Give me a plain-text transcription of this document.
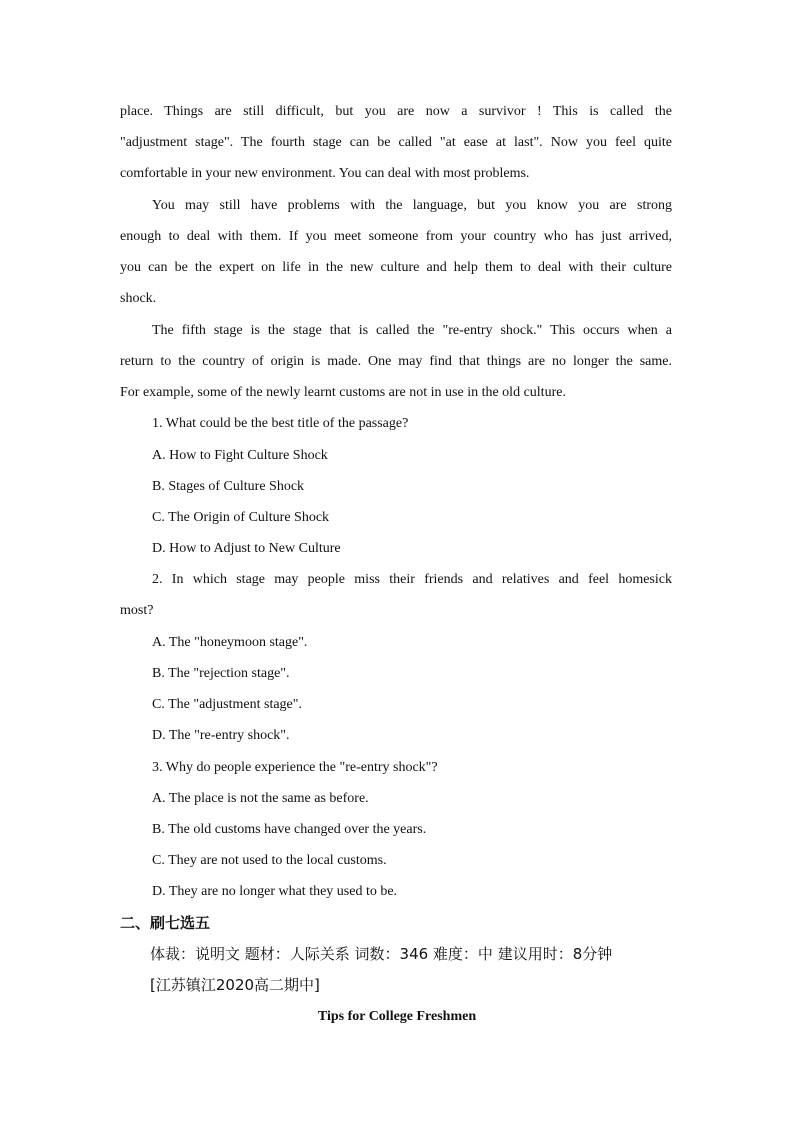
place. Things are still difficult, but you are now a survivor ! This is called the
"adjustment stage". The fourth stage can be called "at ease at last". Now you feel quite
comfortable in your new environment. You can deal with most problems.
You may still have problems with the language, but you know you are strong
enough to deal with them. If you meet someone from your country who has just arrived,
you can be the expert on life in the new culture and help them to deal with their culture
shock.
The fifth stage is the stage that is called the "re-entry shock." This occurs when a
return to the country of origin is made. One may find that things are no longer the same.
For example, some of the newly learnt customs are not in use in the old culture.
1. What could be the best title of the passage?
A. How to Fight Culture Shock
B. Stages of Culture Shock
C. The Origin of Culture Shock
D. How to Adjust to New Culture
2. In which stage may people miss their friends and relatives and feel homesick
most?
A. The "honeymoon stage".
B. The "rejection stage".
C. The "adjustment stage".
D. The "re-entry shock".
3. Why do people experience the "re-entry shock"?
A. The place is not the same as before.
B. The old customs have changed over the years.
C. They are not used to the local customs.
D. They are no longer what they used to be.
二、刷七选五
体裁：说明文 题材：人际关系 词数：346 难度：中 建议用时：8分钟
[江苏镇江2020高二期中]
Tips for College Freshmen
